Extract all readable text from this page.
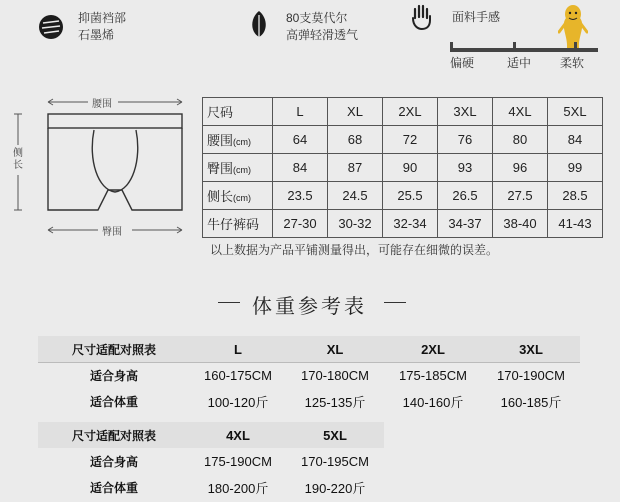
抑菌裆部
石墨烯
80支莫代尔
高弹轻滑透气
面料手感
偏硬	适中 柔软
腰围
侧长
臀围
尺码	L	XL	2XL	3XL	4XL	5XL
腰围(cm)	64	68	72	76	80	84
臀围(cm)	84	87	90	93	96	99
侧长(cm)	23.5	24.5	25.5	26.5	27.5	28.5
牛仔裤码	27-30	30-32	32-34	34-37	38-40	41-43
以上数据为产品平铺测量得出，可能存在细微的误差。
体重参考表
尺寸适配对照表	L	XL	2XL	3XL
适合身高	160-175CM	170-180CM	175-185CM	170-190CM
适合体重	100-120斤	125-135斤	140-160斤	160-185斤
尺寸适配对照表	4XL	5XL
适合身高	175-190CM	170-195CM
适合体重	180-200斤	190-220斤
